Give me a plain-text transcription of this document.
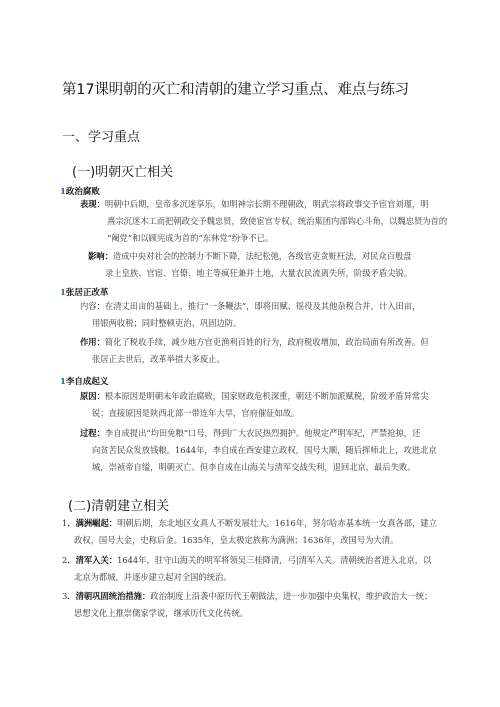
第17课明朝的灭亡和清朝的建立学习重点、难点与练习
一、学习重点
(一)明朝灭亡相关
1政治腐败
表现：明朝中后期，皇帝多沉迷享乐，如明神宗长期不理朝政，明武宗将政事交予宦官刘瑾，明
熹宗沉迷木工而把朝政交予魏忠贤，致使宦官专权。统治集团内部钩心斗角，以魏忠贤为首的
“阉党”和以顾宪成为首的“东林党”纷争不已。
影响：造成中央对社会的控制力不断下降，法纪松弛，各级官吏贪赃枉法，对民众百般盘
录上皇族、官宦、官僚、地主等疯狂兼并土地，大量农民流离失所，阶级矛盾尖锐。
1张居正改革
内容：在清丈田亩的基础上，推行“一条鞭法”，即将田赋、徭役及其他杂税合并，计入田亩，
用银两收税；同时整顿吏治、巩固边防。
作用：简化了税收手续，减少地方官吏渔利百姓的行为，政府税收增加，政治局面有所改善。但
张居正去世后，改革举措大多废止。
1李自成起义
原因：根本原因是明朝末年政治腐败，国家财政危机深重，朝廷不断加派赋税，阶级矛盾异常尖
锐；直接原因是陕西北部一带连年大旱，官府催征如故。
过程：李自成提出“均田免粮”口号，得到广大农民热烈拥护。他规定严明军纪，严禁抢掠，还
向贫苦民众发放钱粮。1644年，李自成在西安建立政权，国号大顺，随后挥师北上，攻进北京
城，崇祯帝自缢，明朝灭亡。但李自成在山海关与清军交战失利，退回北京，最后失败。
(二)清朝建立相关
1．满洲崛起：明朝后期，东北地区女真人不断发展壮大。1616年，努尔哈赤基本统一女真各部，建立
政权，国号大金，史称后金。1635年，皇太极定族称为满洲；1636年，改国号为大清。
2．清军入关：1644年，驻守山海关的明军将领吴三桂降清，弓|清军入关。清朝统治者进入北京，以
北京为都城，并逐步建立起对全国的统治。
3．清朝巩固统治措施：政治制度上沿袭中原历代王朝做法，进一步加强中央集权，维护政治大一统；
思想文化上推崇儒家学说，继承历代文化传统。
